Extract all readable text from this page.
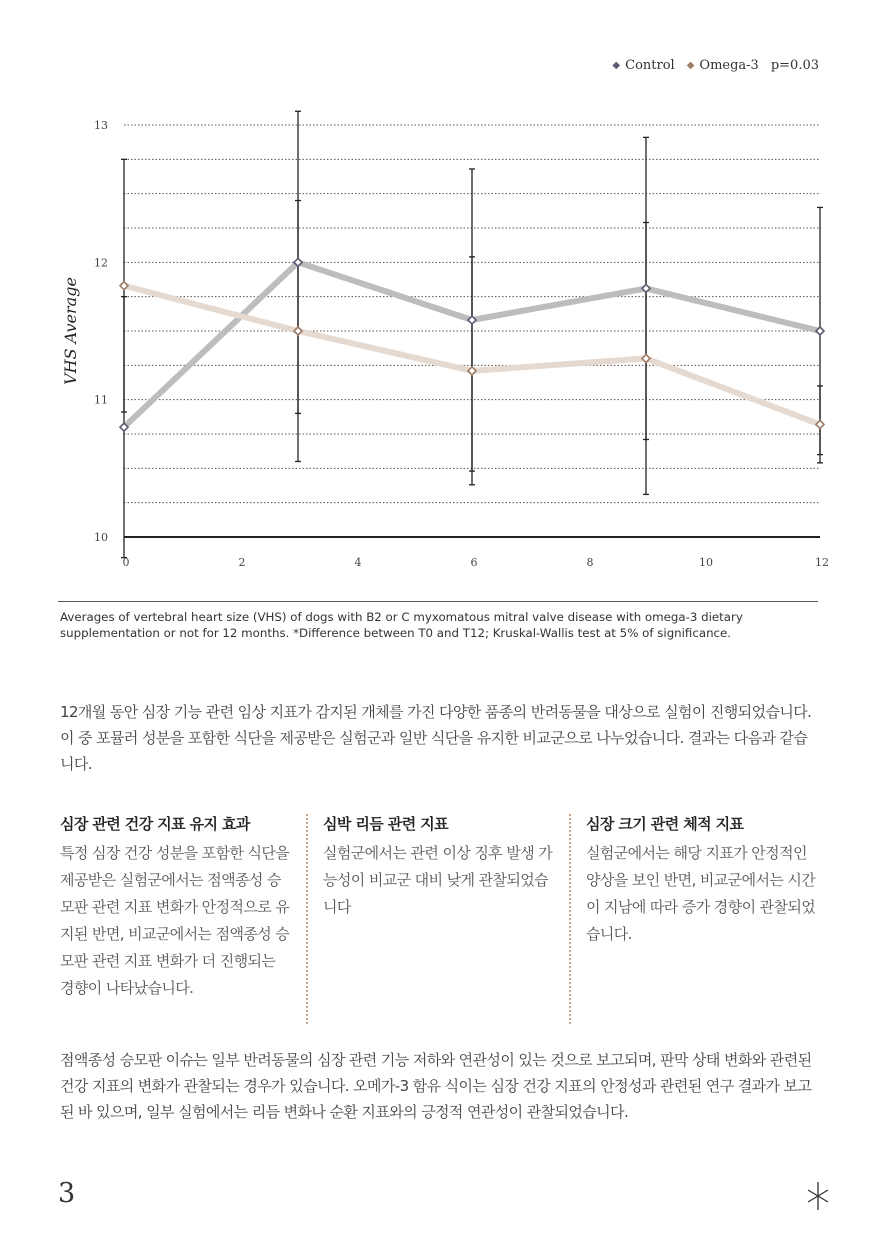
◆ Control ◆ Omega-3 p=0.03
10
11
12
13
0	2	4	6	8	10	12
VHS Average
Averages of vertebral heart size (VHS) of dogs with B2 or C myxomatous mitral valve disease with omega-3 dietary supplementation or not for 12 months. *Difference between T0 and T12; Kruskal-Wallis test at 5% of significance.
12개월 동안 심장 기능 관련 임상 지표가 감지된 개체를 가진 다양한 품종의 반려동물을 대상으로 실험이 진행되었습니다. 이 중 포뮬러 성분을 포함한 식단을 제공받은 실험군과 일반 식단을 유지한 비교군으로 나누었습니다. 결과는 다음과 같습니다.
심장 관련 건강 지표 유지 효과

특정 심장 건강 성분을 포함한 식단을 제공받은 실험군에서는 점액종성 승모판 관련 지표 변화가 안정적으로 유지된 반면, 비교군에서는 점액종성 승모판 관련 지표 변화가 더 진행되는 경향이 나타났습니다.

심박 리듬 관련 지표

실험군에서는 관련 이상 징후 발생 가능성이 비교군 대비 낮게 관찰되었습니다

심장 크기 관련 체적 지표

실험군에서는 해당 지표가 안정적인 양상을 보인 반면, 비교군에서는 시간이 지남에 따라 증가 경향이 관찰되었습니다.

점액종성 승모판 이슈는 일부 반려동물의 심장 관련 기능 저하와 연관성이 있는 것으로 보고되며, 판막 상태 변화와 관련된 건강 지표의 변화가 관찰되는 경우가 있습니다. 오메가-3 함유 식이는 심장 건강 지표의 안정성과 관련된 연구 결과가 보고된 바 있으며, 일부 실험에서는 리듬 변화나 순환 지표와의 긍정적 연관성이 관찰되었습니다.
3
